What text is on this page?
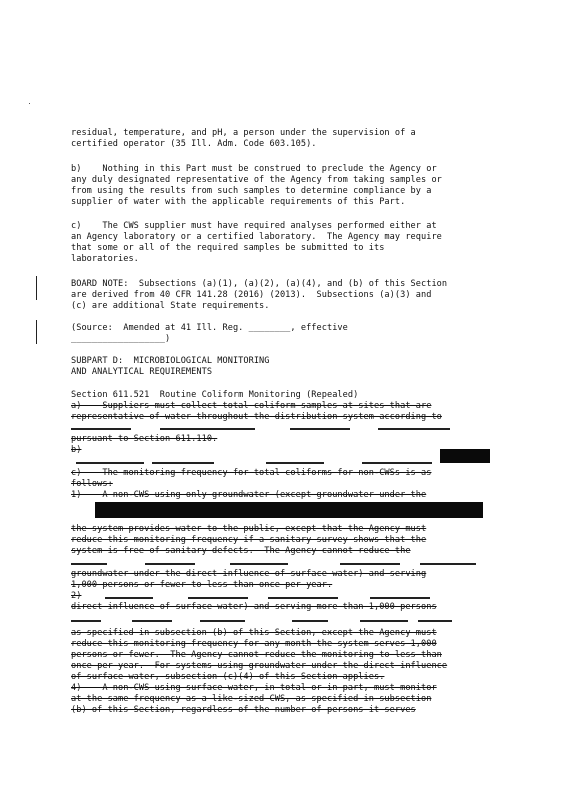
residual, temperature, and pH, a person under the supervision of a
certified operator (35 Ill. Adm. Code 603.105).
b)    Nothing in this Part must be construed to preclude the Agency or
any duly designated representative of the Agency from taking samples or
from using the results from such samples to determine compliance by a
supplier of water with the applicable requirements of this Part.
c)    The CWS supplier must have required analyses performed either at
an Agency laboratory or a certified laboratory.  The Agency may require
that some or all of the required samples be submitted to its
laboratories.
BOARD NOTE:  Subsections (a)(1), (a)(2), (a)(4), and (b) of this Section
are derived from 40 CFR 141.28 (2016) (2013).  Subsections (a)(3) and
(c) are additional State requirements.
(Source:  Amended at 41 Ill. Reg. ________, effective
__________________)
SUBPART D:  MICROBIOLOGICAL MONITORING
AND ANALYTICAL REQUIREMENTS
Section 611.521  Routine Coliform Monitoring (Repealed)
a)    Suppliers must collect total coliform samples at sites that are
representative of water throughout the distribution system according to
pursuant to Section 611.110.
b)
c)    The monitoring frequency for total coliforms for non-CWSs is as
follows:
1)    A non-CWS using only groundwater (except groundwater under the
the system provides water to the public, except that the Agency must
reduce this monitoring frequency if a sanitary survey shows that the
system is free of sanitary defects.  The Agency cannot reduce the
groundwater under the direct influence of surface water) and serving
1,000 persons or fewer to less than once per year.
2)
direct influence of surface water) and serving more than 1,000 persons
as specified in subsection (b) of this Section, except the Agency must
reduce this monitoring frequency for any month the system serves 1,000
persons or fewer.  The Agency cannot reduce the monitoring to less than
once per year.  For systems using groundwater under the direct influence
of surface water, subsection (c)(4) of this Section applies.
4)    A non-CWS using surface water, in total or in part, must monitor
at the same frequency as a like-sized CWS, as specified in subsection
(b) of this Section, regardless of the number of persons it serves
